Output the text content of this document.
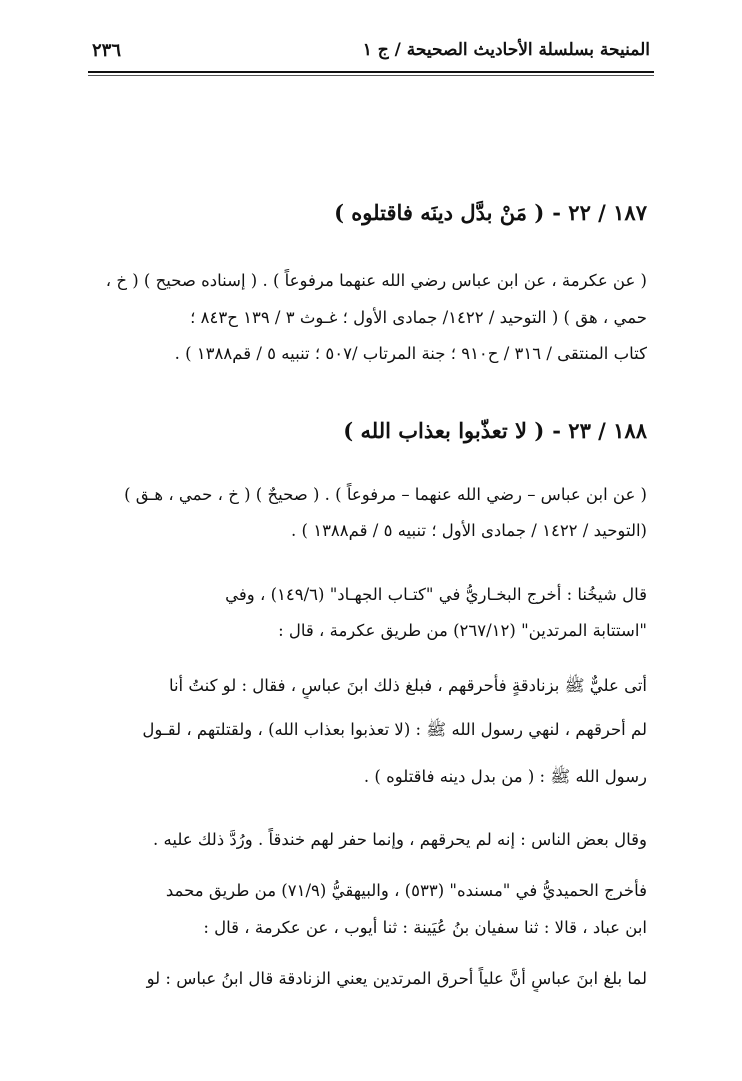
المنيحة بسلسلة الأحاديث الصحيحة / ج ١
٢٣٦
١٨٧ / ٢٢ -( مَنْ بدَّل دينَه فاقتلوه )
( عن عكرمة ، عن ابن عباس رضي الله عنهما مرفوعاً ) . ( إسناده صحيح ) ( خ ،
حمي ، هق ) ( التوحيد / ١٤٢٢/ جمادى الأول ؛ غـوث ٣ / ١٣٩ ح٨٤٣ ؛
كتاب المنتقى / ٣١٦ / ح٩١٠ ؛ جنة المرتاب /٥٠٧ ؛ تنبيه ٥ / قم١٣٨٨ ) .
١٨٨ / ٢٣ -( لا تعذّبوا بعذاب الله )
( عن ابن عباس – رضي الله عنهما – مرفوعاً ) . ( صحيحٌ ) ( خ ، حمي ، هـق )
(التوحيد / ١٤٢٢ / جمادى الأول ؛ تنبيه ٥ / قم١٣٨٨ ) .
قال شيخُنا : أخرج البخـاريُّ في "كتـاب الجهـاد" (١٤٩/٦) ، وفي
"استتابة المرتدين" (٢٦٧/١٢) من طريق عكرمة ، قال :
أتى عليٌّ ﷺ بزنادقةٍ فأحرقهم ، فبلغ ذلك ابنَ عباسٍ ، فقال : لو كنتُ أنا
لم أحرقهم ، لنهي رسول الله ﷺ : (لا تعذبوا بعذاب الله) ، ولقتلتهم ، لقـول
رسول الله ﷺ : ( من بدل دينه فاقتلوه ) .
وقال بعض الناس : إنه لم يحرقهم ، وإنما حفر لهم خندقاً . ورُدَّ ذلك عليه .
فأخرج الحميديُّ في "مسنده" (٥٣٣) ، والبيهقيُّ (٧١/٩) من طريق محمد
ابن عباد ، قالا : ثنا سفيان بنُ عُيَينة : ثنا أيوب ، عن عكرمة ، قال :
لما بلغ ابنَ عباسٍ أنَّ علياً أحرق المرتدين يعني الزنادقة قال ابنُ عباس : لو
